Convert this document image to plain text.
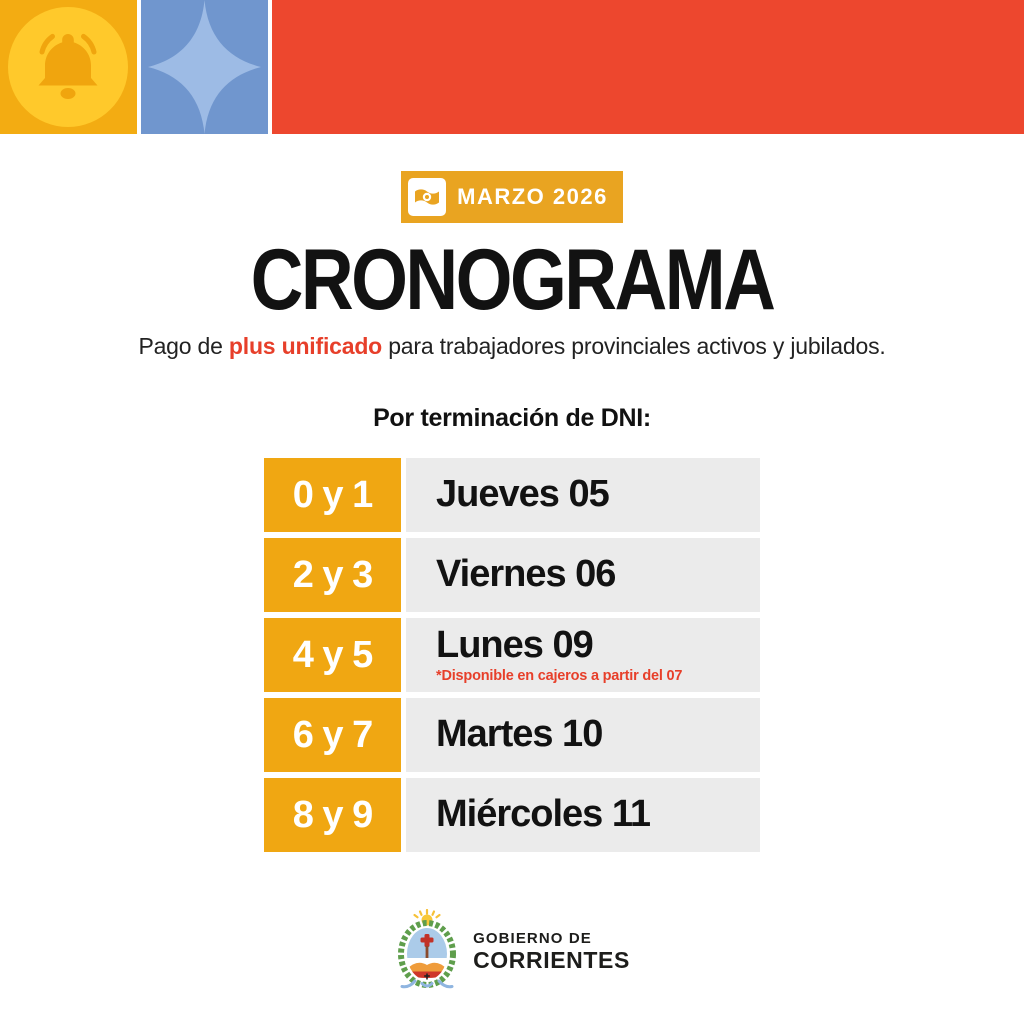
MARZO 2026
CRONOGRAMA

Pago de plus unificado para trabajadores provinciales activos y jubilados.

Por terminación de DNI:
0 y 1	Jueves 05
2 y 3	Viernes 06
4 y 5	Lunes 09
*Disponible en cajeros a partir del 07
6 y 7	Martes 10
8 y 9	Miércoles 11
GOBIERNO DE
CORRIENTES
